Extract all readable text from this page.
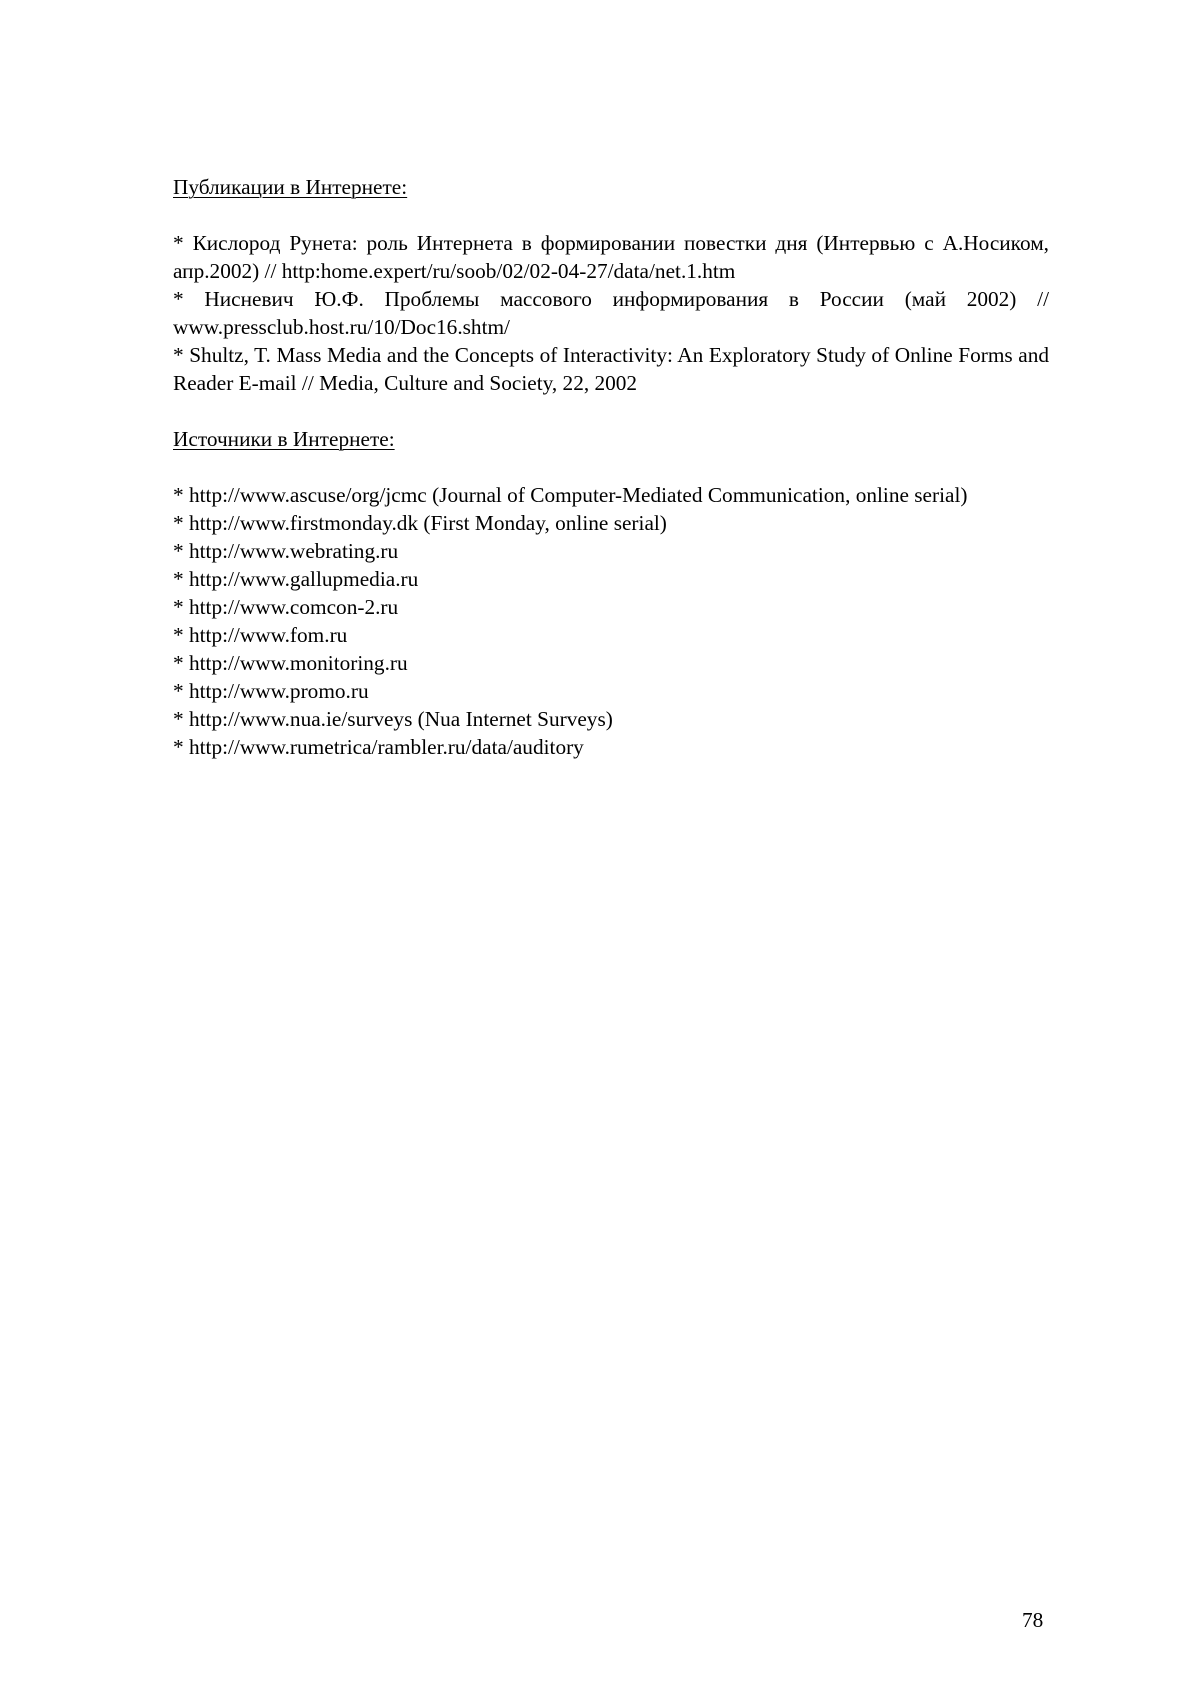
Публикации в Интернете:

* Кислород Рунета: роль Интернета в формировании повестки дня (Интервью с А.Носиком, апр.2002) // http:home.expert/ru/soob/02/02-04-27/data/net.1.htm

* Нисневич Ю.Ф. Проблемы массового информирования в России (май 2002) // www.pressclub.host.ru/10/Doc16.shtm/

* Shultz, T. Mass Media and the Concepts of Interactivity: An Exploratory Study of Online Forms and Reader E-mail // Media, Culture and Society, 22, 2002

Источники в Интернете:

* http://www.ascuse/org/jcmc (Journal of Computer-Mediated Communication, online serial)

* http://www.firstmonday.dk (First Monday, online serial)

* http://www.webrating.ru

* http://www.gallupmedia.ru

* http://www.comcon-2.ru

* http://www.fom.ru

* http://www.monitoring.ru

* http://www.promo.ru

* http://www.nua.ie/surveys (Nua Internet Surveys)

* http://www.rumetrica/rambler.ru/data/auditory

78
